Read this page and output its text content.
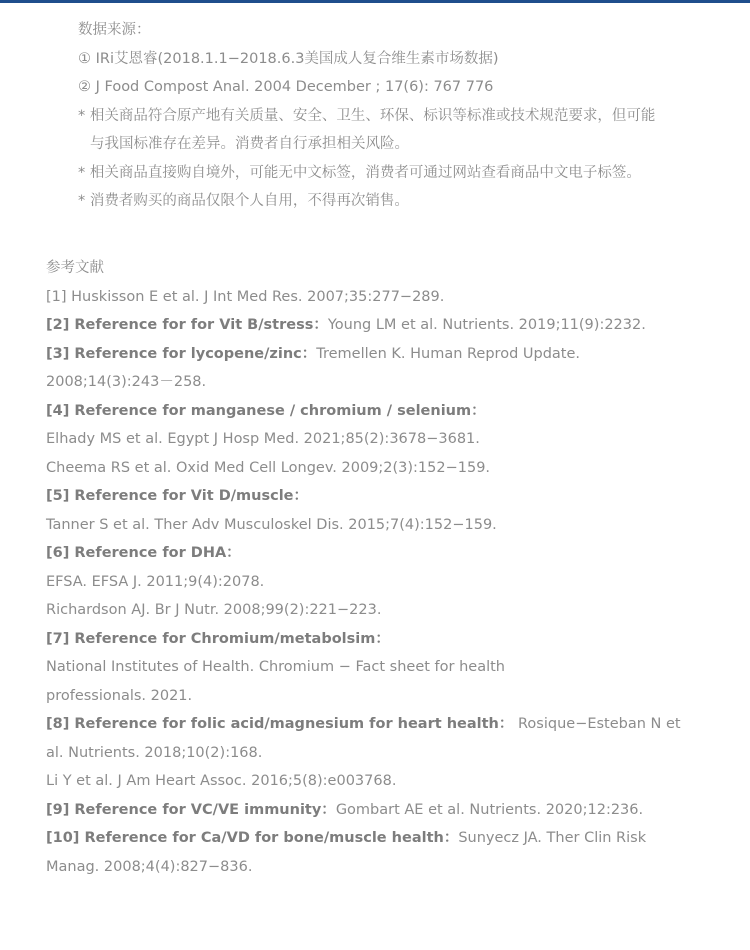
数据来源：
① IRi艾恩睿(2018.1.1−2018.6.3美国成人复合维生素市场数据)
② J Food Compost Anal. 2004 December ; 17(6): 767 776
* 相关商品符合原产地有关质量、安全、卫生、环保、标识等标准或技术规范要求，但可能
与我国标准存在差异。消费者自行承担相关风险。
* 相关商品直接购自境外，可能无中文标签，消费者可通过网站查看商品中文电子标签。
* 消费者购买的商品仅限个人自用，不得再次销售。
参考文献
[1] Huskisson E et al. J Int Med Res. 2007;35:277−289.
[2] Reference for for Vit B/stress：Young LM et al. Nutrients. 2019;11(9):2232.
[3] Reference for lycopene/zinc：Tremellen K. Human Reprod Update.
2008;14(3):243－258.
[4] Reference for manganese / chromium / selenium：
Elhady MS et al. Egypt J Hosp Med. 2021;85(2):3678−3681.
Cheema RS et al. Oxid Med Cell Longev. 2009;2(3):152−159.
[5] Reference for Vit D/muscle：
Tanner S et al. Ther Adv Musculoskel Dis. 2015;7(4):152−159.
[6] Reference for DHA：
EFSA. EFSA J. 2011;9(4):2078.
Richardson AJ. Br J Nutr. 2008;99(2):221−223.
[7] Reference for Chromium/metabolsim：
National Institutes of Health. Chromium − Fact sheet for health
professionals. 2021.
[8] Reference for folic acid/magnesium for heart health： Rosique−Esteban N et
al. Nutrients. 2018;10(2):168.
Li Y et al. J Am Heart Assoc. 2016;5(8):e003768.
[9] Reference for VC/VE immunity：Gombart AE et al. Nutrients. 2020;12:236.
[10] Reference for Ca/VD for bone/muscle health：Sunyecz JA. Ther Clin Risk
Manag. 2008;4(4):827−836.
